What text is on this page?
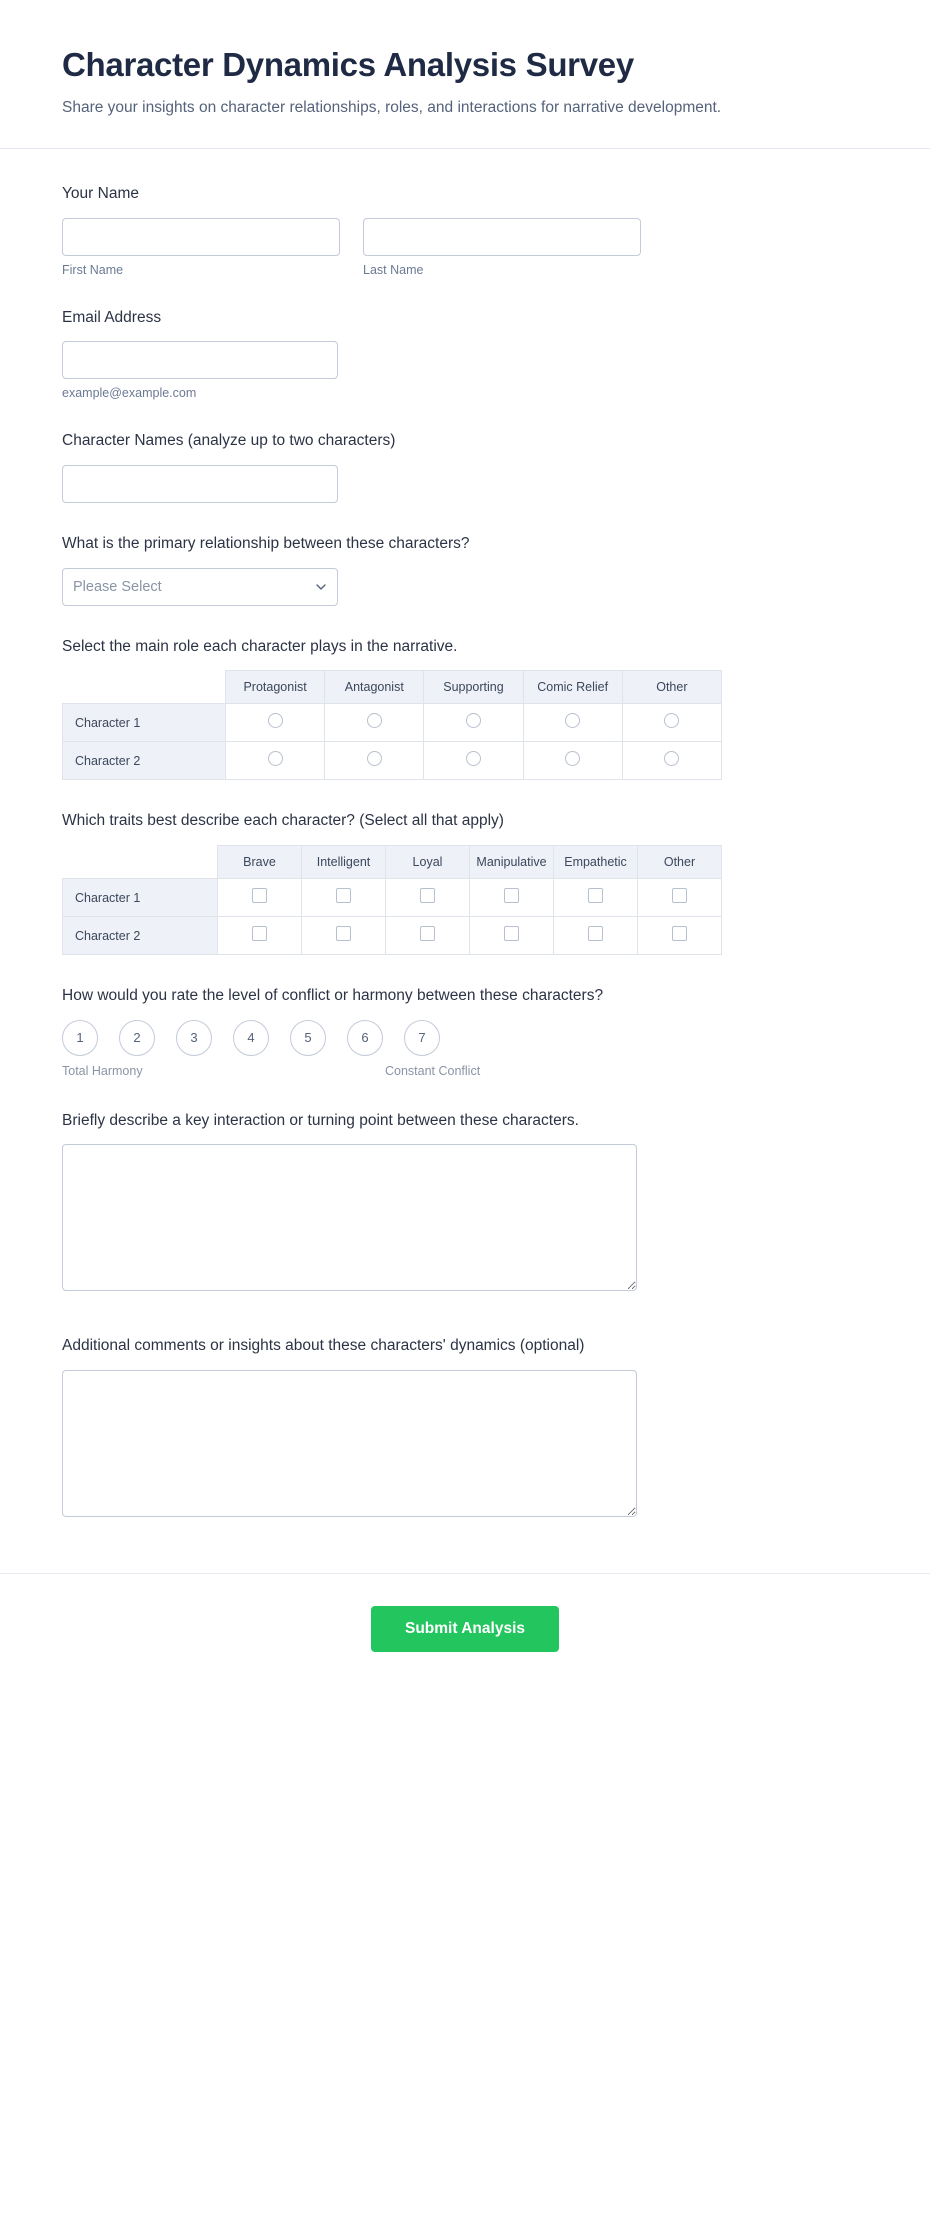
Character Dynamics Analysis Survey

Share your insights on character relationships, roles, and interactions for narrative development.

Your Name
First Name	Last Name
Email Address
example@example.com
Character Names (analyze up to two characters)
What is the primary relationship between these characters?
Please Select
Select the main role each character plays in the narrative.
	Protagonist	Antagonist	Supporting	Comic Relief	Other
Character 1					
Character 2					
Which traits best describe each character? (Select all that apply)
	Brave	Intelligent	Loyal	Manipulative	Empathetic	Other
Character 1						
Character 2						
How would you rate the level of conflict or harmony between these characters?
1	2	3	4	5	6	7
Total Harmony	Constant Conflict
Briefly describe a key interaction or turning point between these characters.
Additional comments or insights about these characters' dynamics (optional)
Submit Analysis
